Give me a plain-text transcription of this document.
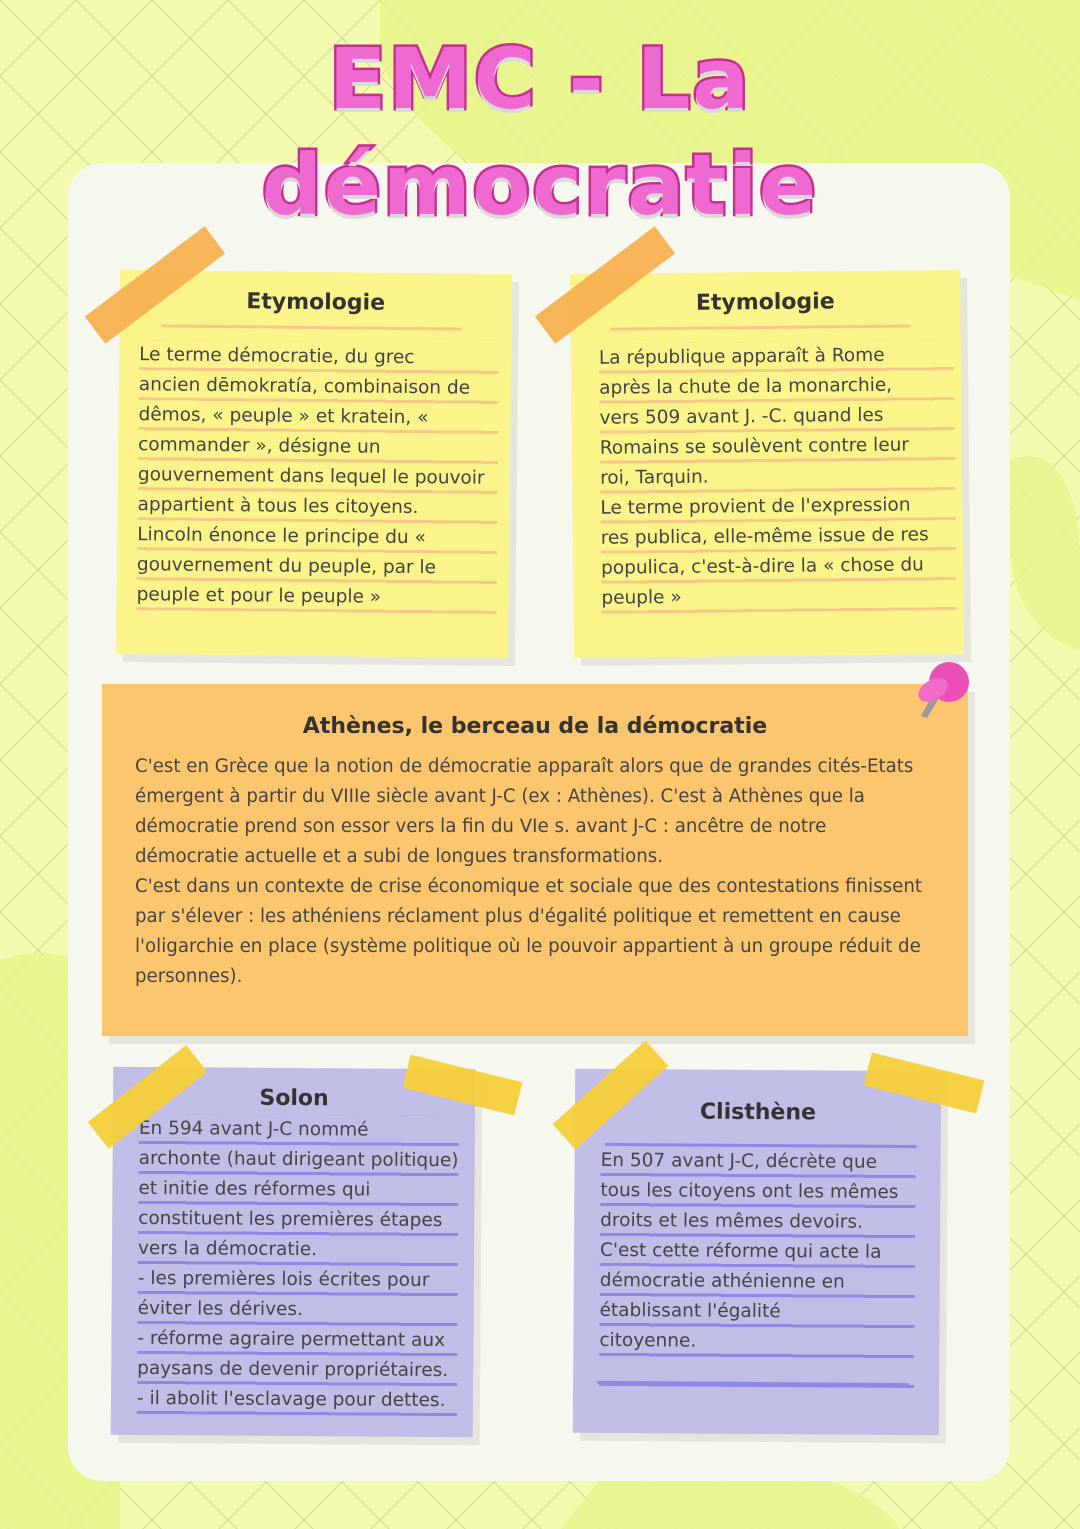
EMC - La
démocratie
Etymologie

Le terme démocratie, du grec
ancien dēmokratía, combinaison de
dêmos, « peuple » et kratein, «
commander », désigne un
gouvernement dans lequel le pouvoir
appartient à tous les citoyens.
Lincoln énonce le principe du «
gouvernement du peuple, par le
peuple et pour le peuple »

Etymologie

La république apparaît à Rome
après la chute de la monarchie,
vers 509 avant J. -C. quand les
Romains se soulèvent contre leur
roi, Tarquin.
Le terme provient de l'expression
res publica, elle-même issue de res
populica, c'est-à-dire la « chose du
peuple »

Athènes, le berceau de la démocratie

C'est en Grèce que la notion de démocratie apparaît alors que de grandes cités-Etats
émergent à partir du VIIIe siècle avant J-C (ex : Athènes). C'est à Athènes que la
démocratie prend son essor vers la fin du VIe s. avant J-C : ancêtre de notre
démocratie actuelle et a subi de longues transformations.
C'est dans un contexte de crise économique et sociale que des contestations finissent
par s'élever : les athéniens réclament plus d'égalité politique et remettent en cause
l'oligarchie en place (système politique où le pouvoir appartient à un groupe réduit de
personnes).

Solon

En 594 avant J-C nommé
archonte (haut dirigeant politique)
et initie des réformes qui
constituent les premières étapes
vers la démocratie.
- les premières lois écrites pour
éviter les dérives.
- réforme agraire permettant aux
paysans de devenir propriétaires.
- il abolit l'esclavage pour dettes.

Clisthène

En 507 avant J-C, décrète que
tous les citoyens ont les mêmes
droits et les mêmes devoirs.
C'est cette réforme qui acte la
démocratie athénienne en
établissant l'égalité
citoyenne.
